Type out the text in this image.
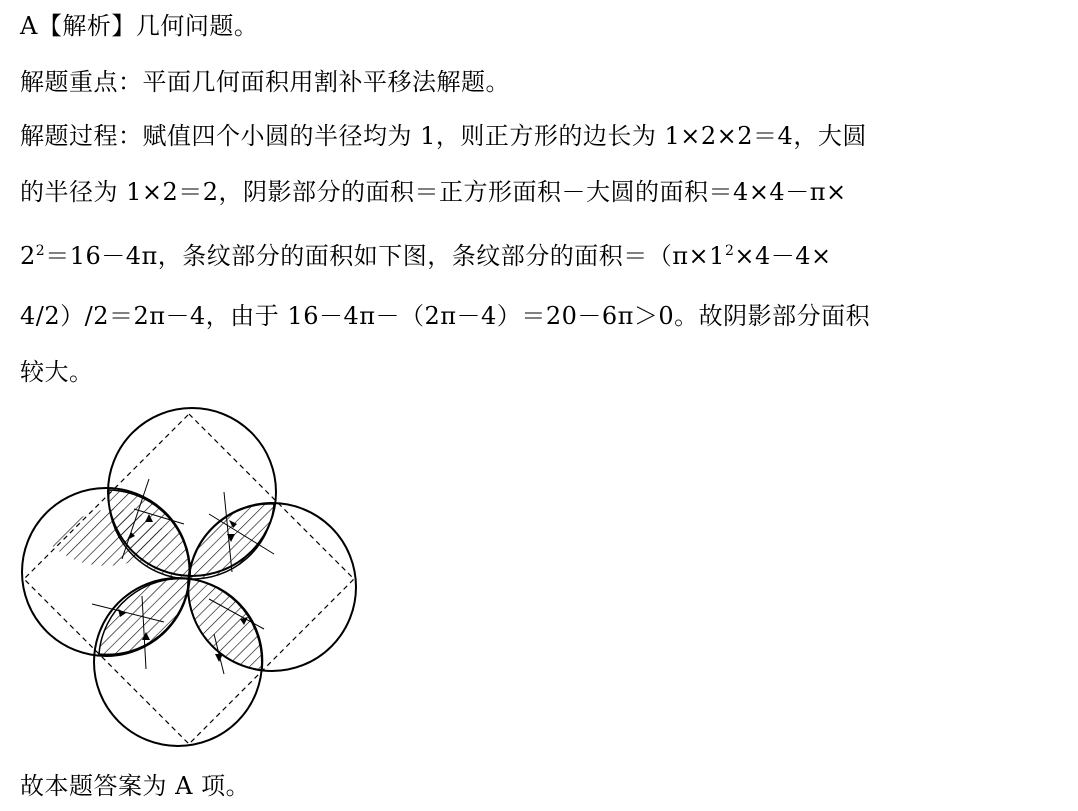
A【解析】几何问题。
解题重点：平面几何面积用割补平移法解题。
解题过程：赋值四个小圆的半径均为 1，则正方形的边长为 1×2×2＝4，大圆
的半径为 1×2＝2，阴影部分的面积＝正方形面积－大圆的面积＝4×4－π×
$2^2=16-4\pi$，条纹部分的面积如下图，条纹部分的面积$=(\pi\times 1^2\times 4-4\times$
4/2）/2＝2π－4，由于 16－4π－（2π－4）＝20－6π＞0。故阴影部分面积
较大。
故本题答案为 A 项。
